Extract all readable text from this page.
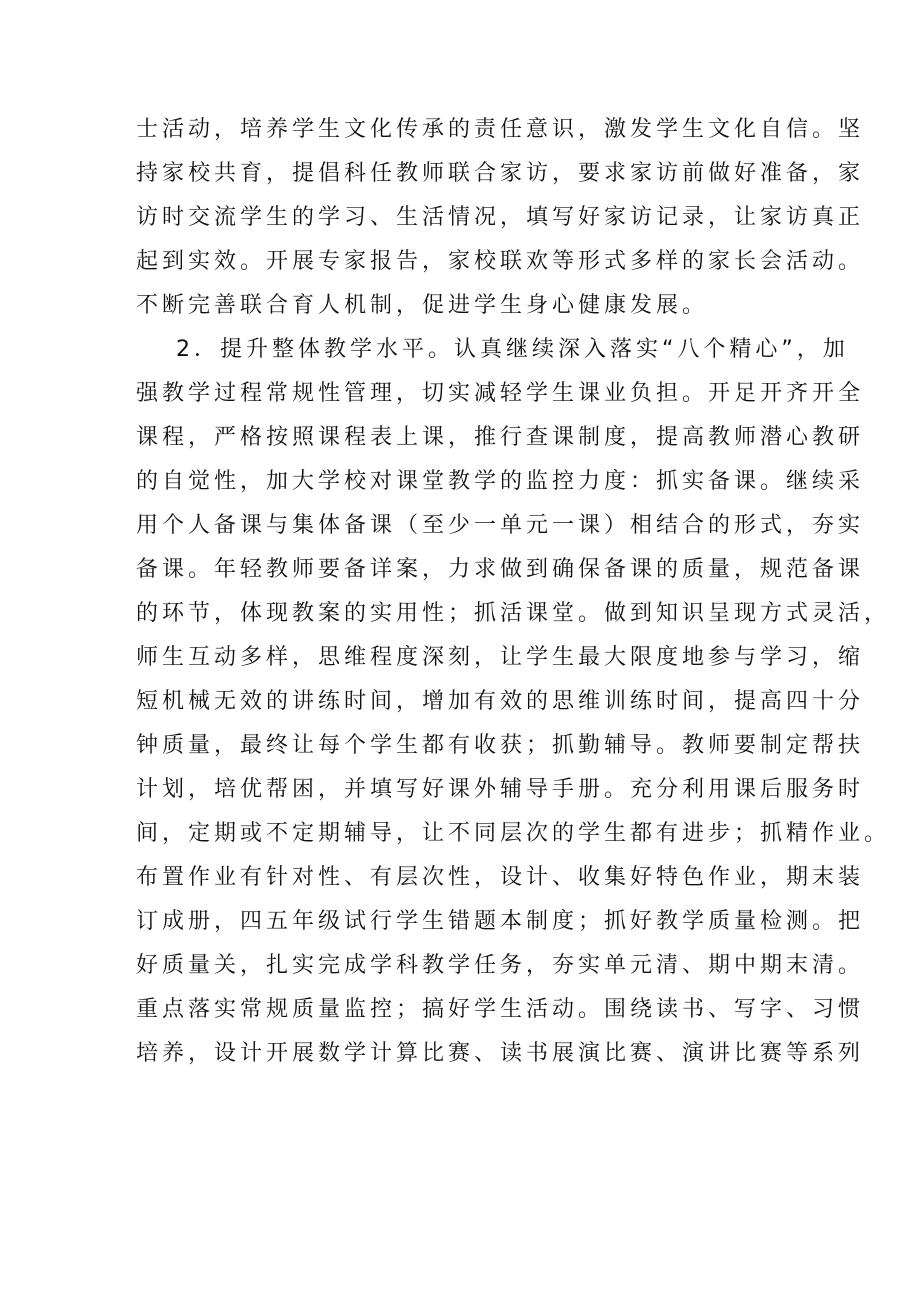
士活动，培养学生文化传承的责任意识，激发学生文化自信。坚
持家校共育，提倡科任教师联合家访，要求家访前做好准备，家
访时交流学生的学习、生活情况，填写好家访记录，让家访真正
起到实效。开展专家报告，家校联欢等形式多样的家长会活动。
不断完善联合育人机制，促进学生身心健康发展。
2．提升整体教学水平。认真继续深入落实“八个精心”，加
强教学过程常规性管理，切实减轻学生课业负担。开足开齐开全
课程，严格按照课程表上课，推行查课制度，提高教师潜心教研
的自觉性，加大学校对课堂教学的监控力度：抓实备课。继续采
用个人备课与集体备课（至少一单元一课）相结合的形式，夯实
备课。年轻教师要备详案，力求做到确保备课的质量，规范备课
的环节，体现教案的实用性；抓活课堂。做到知识呈现方式灵活，
师生互动多样，思维程度深刻，让学生最大限度地参与学习，缩
短机械无效的讲练时间，增加有效的思维训练时间，提高四十分
钟质量，最终让每个学生都有收获；抓勤辅导。教师要制定帮扶
计划，培优帮困，并填写好课外辅导手册。充分利用课后服务时
间，定期或不定期辅导，让不同层次的学生都有进步；抓精作业。
布置作业有针对性、有层次性，设计、收集好特色作业，期末装
订成册，四五年级试行学生错题本制度；抓好教学质量检测。把
好质量关，扎实完成学科教学任务，夯实单元清、期中期末清。
重点落实常规质量监控；搞好学生活动。围绕读书、写字、习惯
培养，设计开展数学计算比赛、读书展演比赛、演讲比赛等系列
